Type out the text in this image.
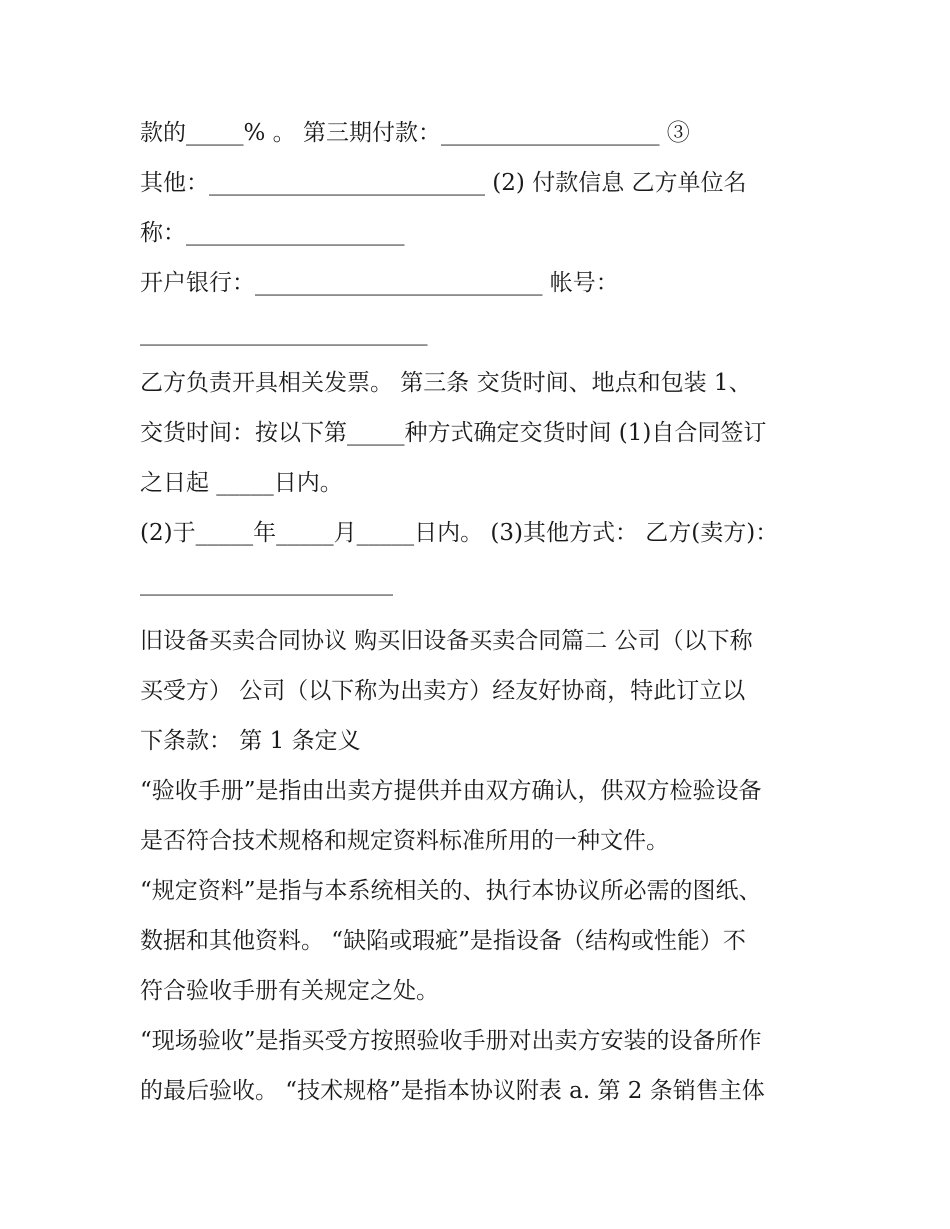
款的_____% 。 第三期付款：___________________ ③
其他：________________________ (2) 付款信息 乙方单位名
称：___________________
开户银行：_________________________ 帐号：
_________________________
乙方负责开具相关发票。 第三条 交货时间、地点和包装 1、
交货时间：按以下第_____种方式确定交货时间 (1)自合同签订
之日起 _____日内。
(2)于_____年_____月_____日内。 (3)其他方式： 乙方(卖方)：
______________________
旧设备买卖合同协议 购买旧设备买卖合同篇二 公司（以下称
买受方） 公司（以下称为出卖方）经友好协商，特此订立以
下条款： 第 1 条定义
“验收手册”是指由出卖方提供并由双方确认，供双方检验设备
是否符合技术规格和规定资料标准所用的一种文件。
“规定资料”是指与本系统相关的、执行本协议所必需的图纸、
数据和其他资料。 “缺陷或瑕疵”是指设备（结构或性能）不
符合验收手册有关规定之处。
“现场验收”是指买受方按照验收手册对出卖方安装的设备所作
的最后验收。 “技术规格”是指本协议附表 a. 第 2 条销售主体
